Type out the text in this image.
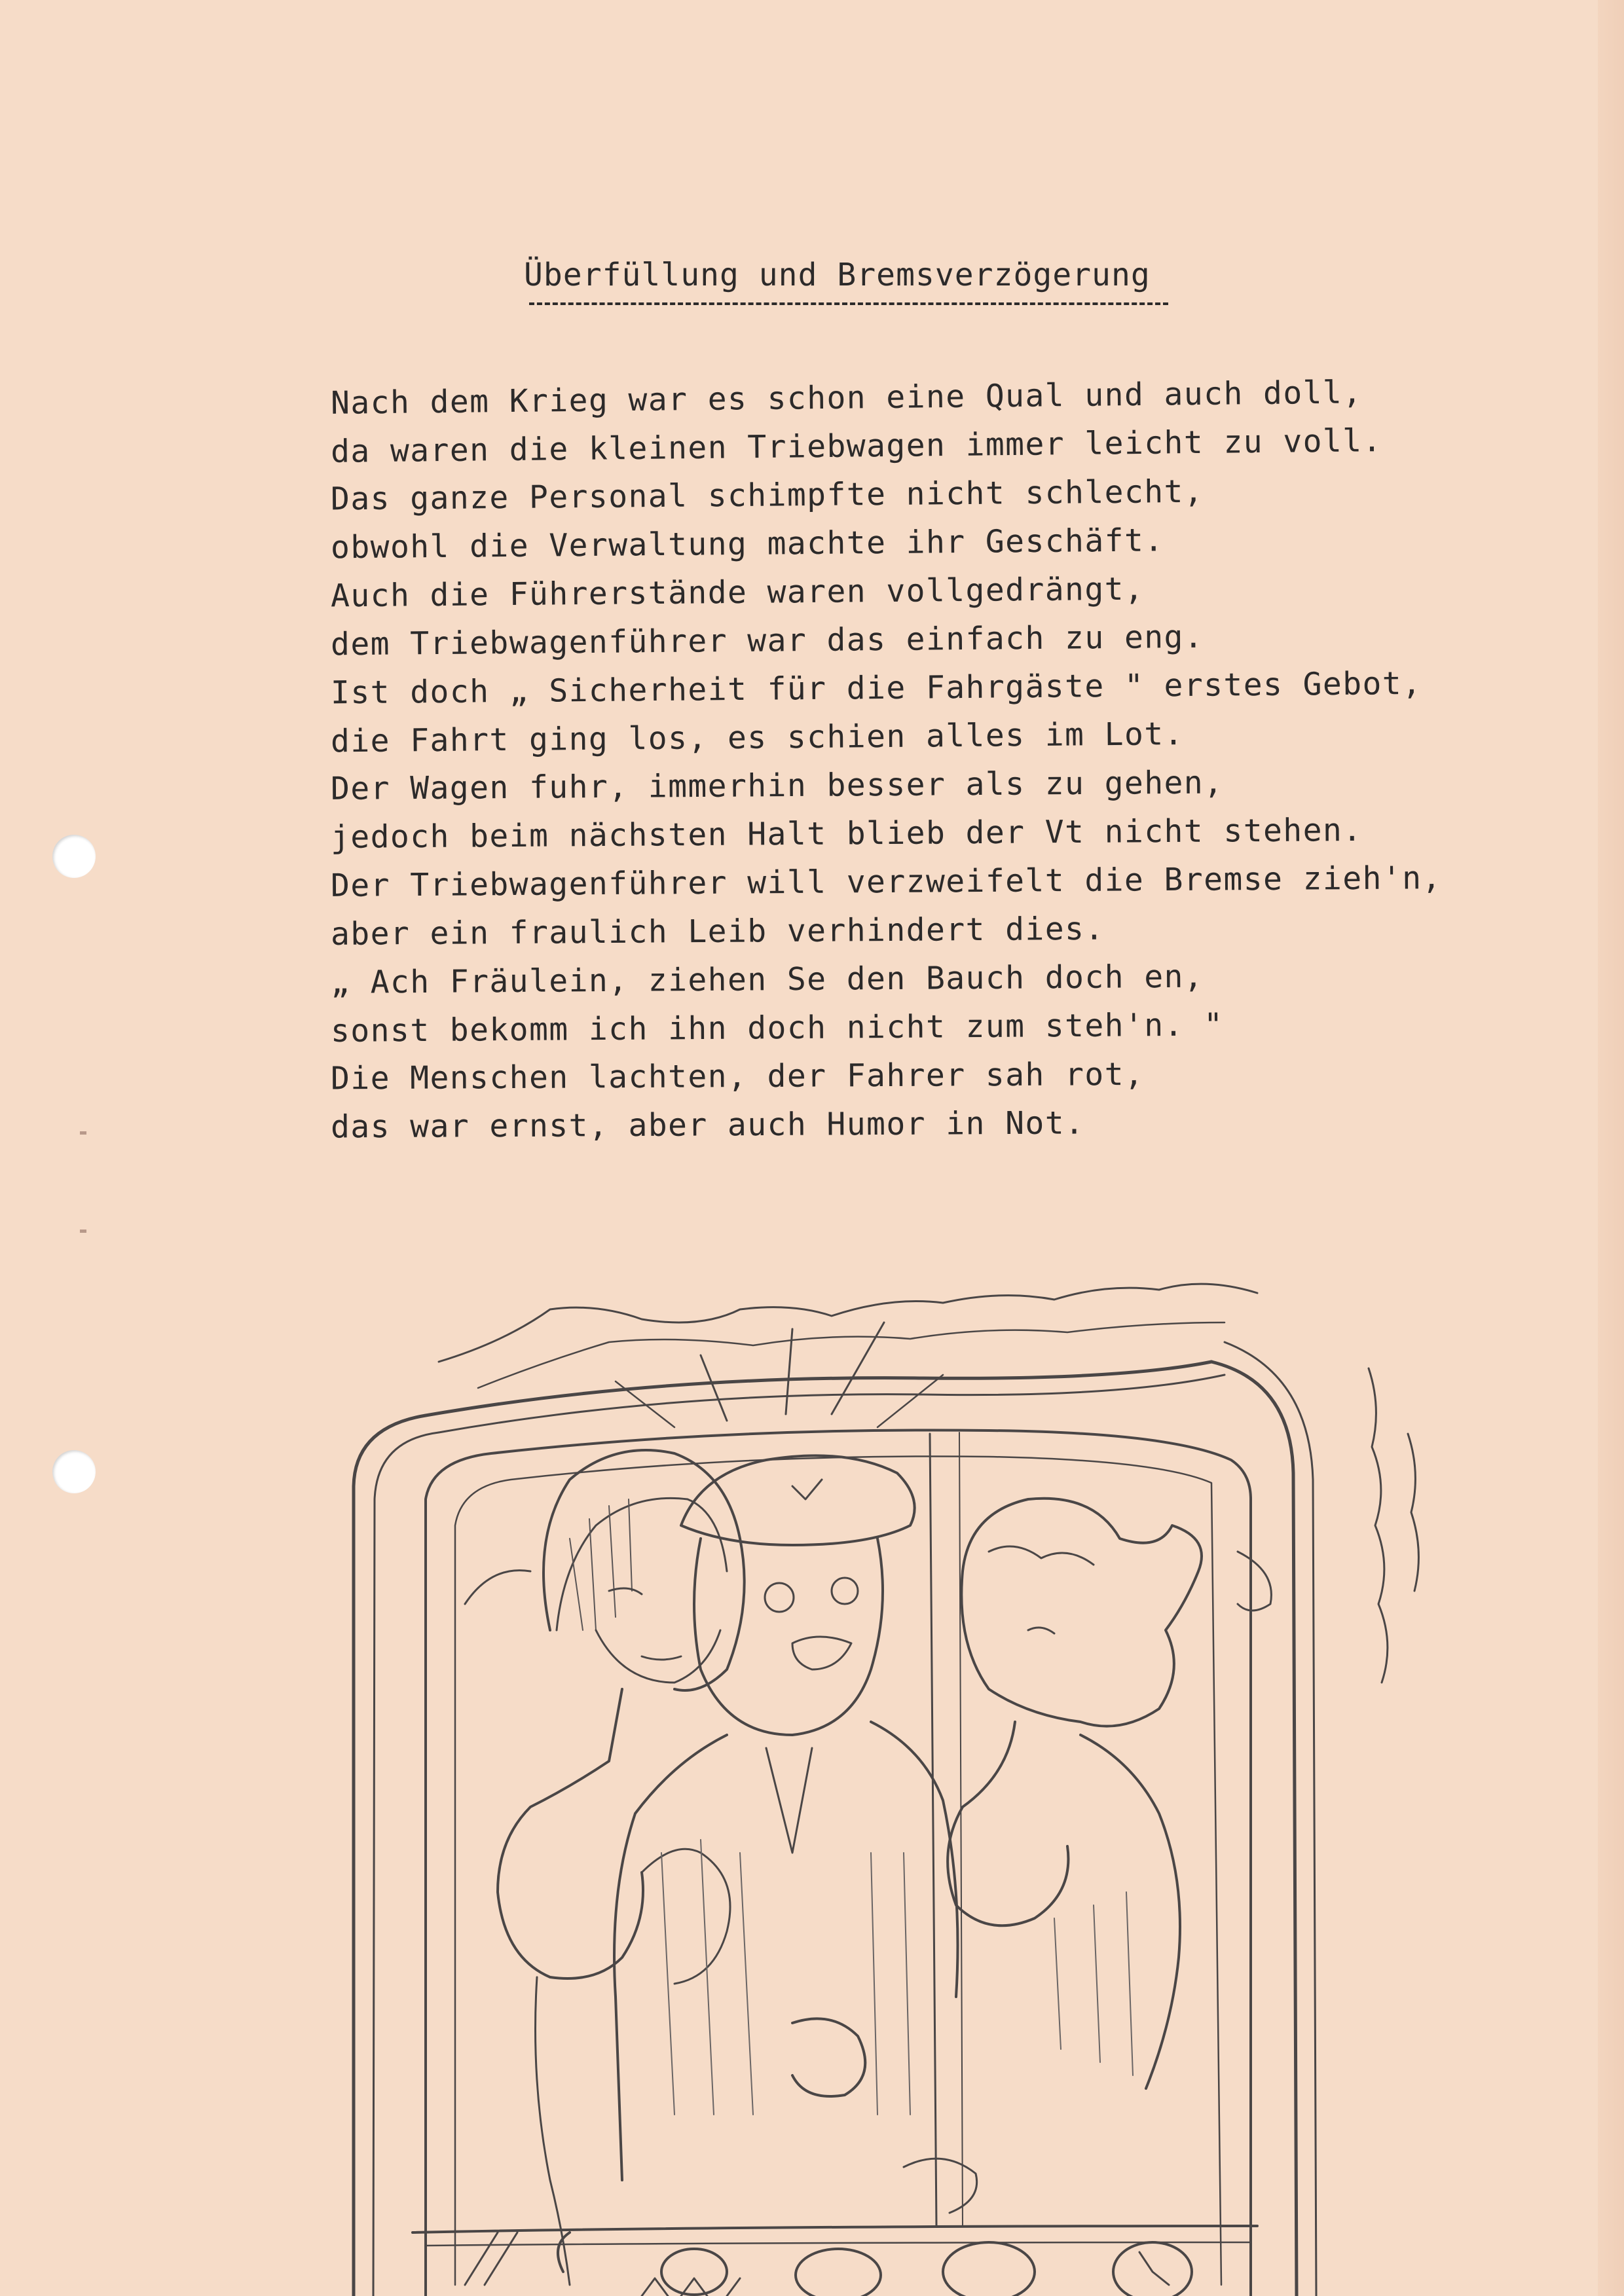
Überfüllung und Bremsverzögerung
Nach dem Krieg war es schon eine Qual und auch doll,
da waren die kleinen Triebwagen immer leicht zu voll.
Das ganze Personal schimpfte nicht schlecht,
obwohl die Verwaltung machte ihr Geschäft.
Auch die Führerstände waren vollgedrängt,
dem Triebwagenführer war das einfach zu eng.
Ist doch „ Sicherheit für die Fahrgäste " erstes Gebot,
die Fahrt ging los, es schien alles im Lot.
Der Wagen fuhr, immerhin besser als zu gehen,
jedoch beim nächsten Halt blieb der Vt nicht stehen.
Der Triebwagenführer will verzweifelt die Bremse zieh'n,
aber ein fraulich Leib verhindert dies.
„ Ach Fräulein, ziehen Se den Bauch doch en,
sonst bekomm ich ihn doch nicht zum steh'n. "
Die Menschen lachten, der Fahrer sah rot,
das war ernst, aber auch Humor in Not.
